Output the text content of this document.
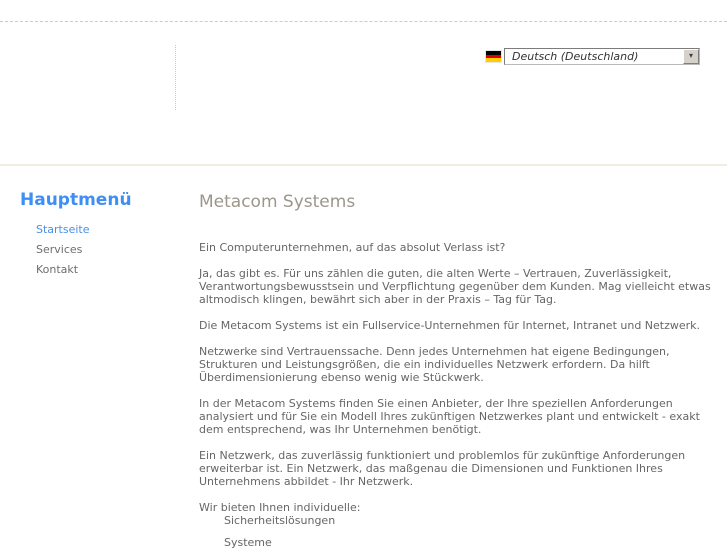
Deutsch (Deutschland)	▾
Hauptmenü
Startseite
Services
Kontakt
Metacom Systems

Ein Computerunternehmen, auf das absolut Verlass ist?

Ja, das gibt es. Für uns zählen die guten, die alten Werte – Vertrauen, Zuverlässigkeit, Verantwortungsbewusstsein und Verpflichtung gegenüber dem Kunden. Mag vielleicht etwas altmodisch klingen, bewährt sich aber in der Praxis – Tag für Tag.

Die Metacom Systems ist ein Fullservice-Unternehmen für Internet, Intranet und Netzwerk.

Netzwerke sind Vertrauenssache. Denn jedes Unternehmen hat eigene Bedingungen, Strukturen und Leistungsgrößen, die ein individuelles Netzwerk erfordern. Da hilft Überdimensionierung ebenso wenig wie Stückwerk.

In der Metacom Systems finden Sie einen Anbieter, der Ihre speziellen Anforderungen analysiert und für Sie ein Modell Ihres zukünftigen Netzwerkes plant und entwickelt - exakt dem entsprechend, was Ihr Unternehmen benötigt.

Ein Netzwerk, das zuverlässig funktioniert und problemlos für zukünftige Anforderungen erweiterbar ist. Ein Netzwerk, das maßgenau die Dimensionen und Funktionen Ihres Unternehmens abbildet - Ihr Netzwerk.

Wir bieten Ihnen individuelle:

Sicherheitslösungen
Systeme
